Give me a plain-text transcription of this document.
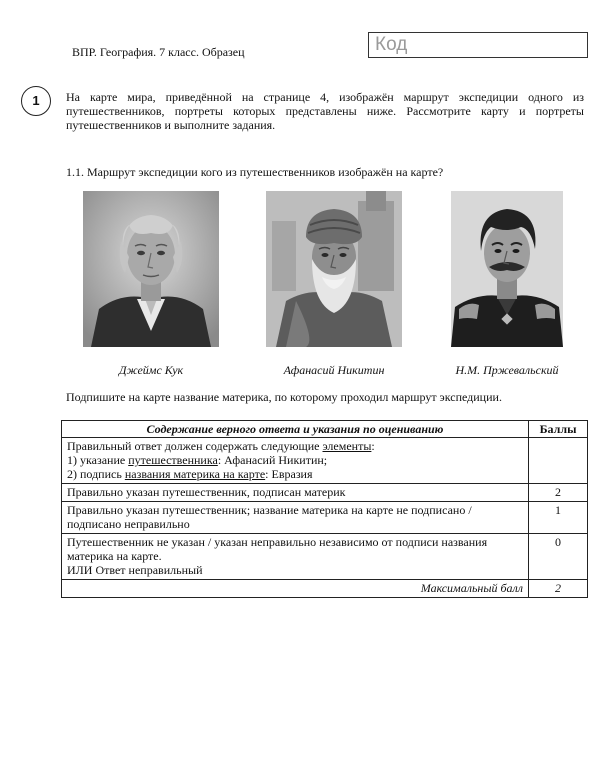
ВПР. География. 7 класс. Образец	Код
1	На карте мира, приведённой на странице 4, изображён маршрут экспедиции одного из путешественников, портреты которых представлены ниже. Рассмотрите карту и портреты путешественников и выполните задания.

1.1. Маршрут экспедиции кого из путешественников изображён на карте?

Джеймс Кук	Афанасий Никитин	Н.М. Пржевальский

Подпишите на карте название материка, по которому проходил маршрут экспедиции.

Содержание верного ответа и указания по оцениванию	Баллы

Правильный ответ должен содержать следующие элементы:
1) указание путешественника: Афанасий Никитин;
2) подпись названия материка на карте: Евразия	

Правильно указан путешественник, подписан материк	2
Правильно указан путешественник; название материка на карте не подписано / подписано неправильно	1

Путешественник не указан / указан неправильно независимо от подписи названия материка на карте.
ИЛИ Ответ неправильный	0
Максимальный балл	2
